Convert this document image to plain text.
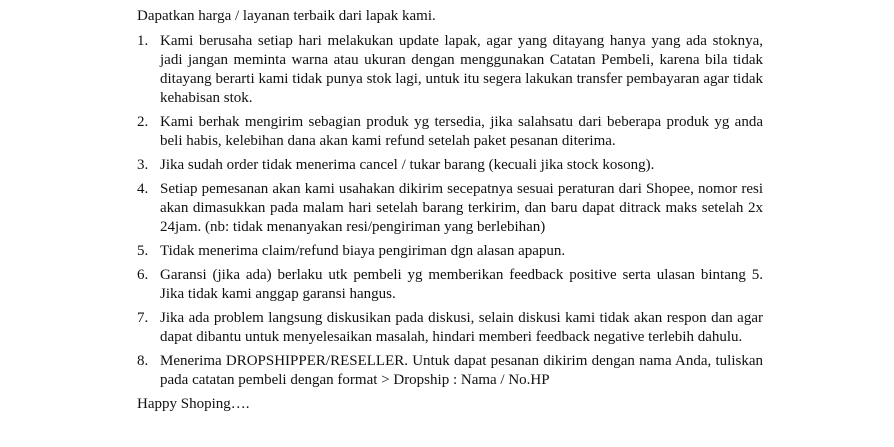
Dapatkan harga / layanan terbaik dari lapak kami.

1. Kami berusaha setiap hari melakukan update lapak, agar yang ditayang hanya yang ada stoknya, jadi jangan meminta warna atau ukuran dengan menggunakan Catatan Pembeli, karena bila tidak ditayang berarti kami tidak punya stok lagi, untuk itu segera lakukan transfer pembayaran agar tidak kehabisan stok.
2. Kami berhak mengirim sebagian produk yg tersedia, jika salahsatu dari beberapa produk yg anda beli habis, kelebihan dana akan kami refund setelah paket pesanan diterima.
3. Jika sudah order tidak menerima cancel / tukar barang (kecuali jika stock kosong).
4. Setiap pemesanan akan kami usahakan dikirim secepatnya sesuai peraturan dari Shopee, nomor resi akan dimasukkan pada malam hari setelah barang terkirim, dan baru dapat ditrack maks setelah 2x 24jam. (nb: tidak menanyakan resi/pengiriman yang berlebihan)
5. Tidak menerima claim/refund biaya pengiriman dgn alasan apapun.
6. Garansi (jika ada) berlaku utk pembeli yg memberikan feedback positive serta ulasan bintang 5. Jika tidak kami anggap garansi hangus.
7. Jika ada problem langsung diskusikan pada diskusi, selain diskusi kami tidak akan respon dan agar dapat dibantu untuk menyelesaikan masalah, hindari memberi feedback negative terlebih dahulu.
8. Menerima DROPSHIPPER/RESELLER. Untuk dapat pesanan dikirim dengan nama Anda, tuliskan pada catatan pembeli dengan format > Dropship : Nama / No.HP

Happy Shoping….
